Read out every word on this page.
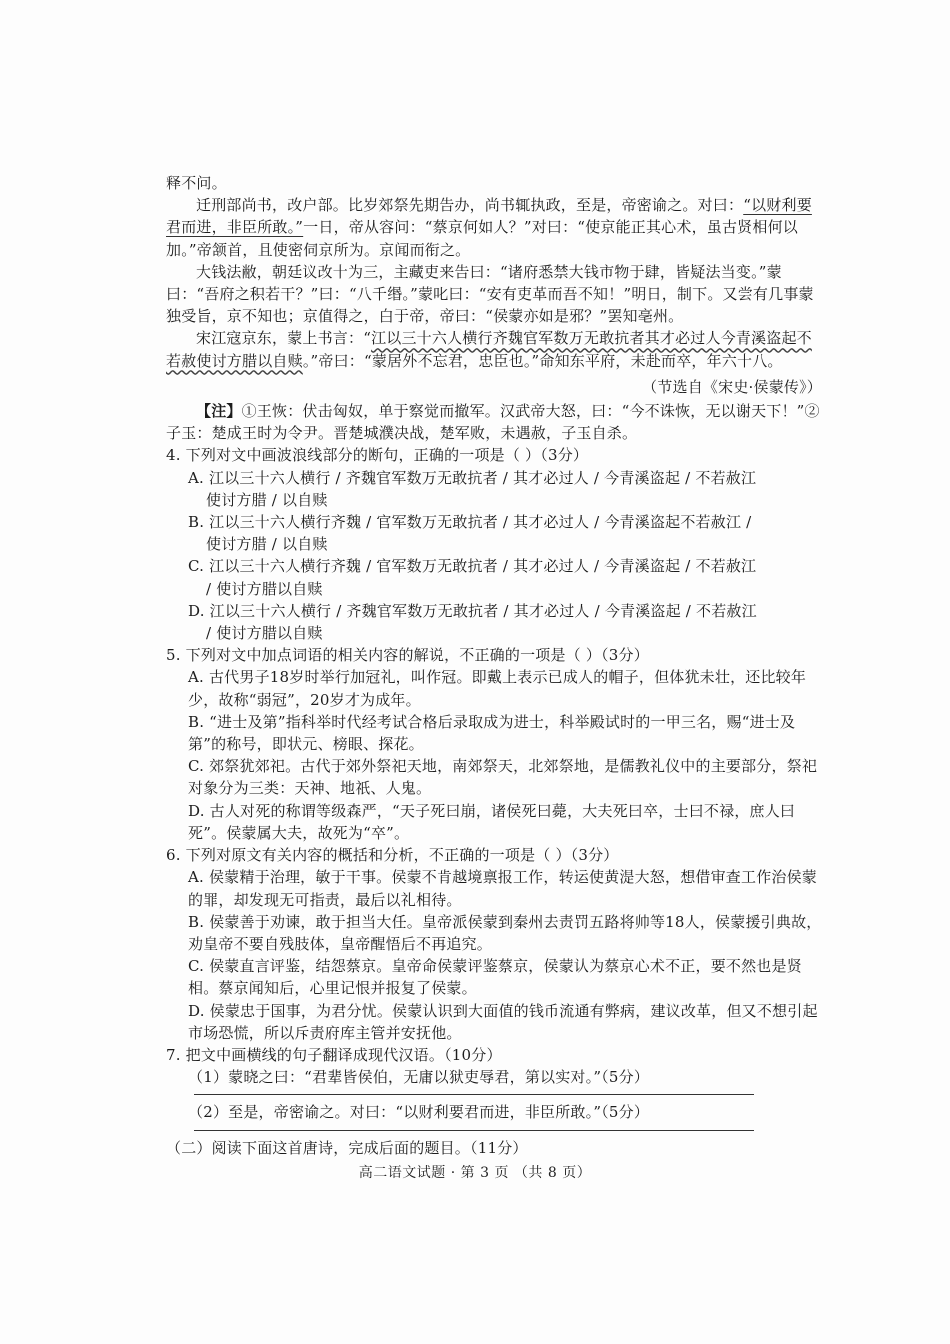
释不问。

迁刑部尚书，改户部。比岁郊祭先期告办，尚书辄执政，至是，帝密谕之。对曰：“以财利要君而进，非臣所敢。”一日，帝从容问：“蔡京何如人？”对曰：“使京能正其心术，虽古贤相何以加。”帝颔首，且使密伺京所为。京闻而衔之。

大钱法敝，朝廷议改十为三，主藏吏来告曰：“诸府悉禁大钱市物于肆，皆疑法当变。”蒙曰：“吾府之积若干？”曰：“八千缗。”蒙叱曰：“安有吏革而吾不知！”明日，制下。又尝有几事蒙独受旨，京不知也；京值得之，白于帝，帝曰：“侯蒙亦如是邪？”罢知亳州。

宋江寇京东，蒙上书言：“江以三十六人横行齐魏官军数万无敢抗者其才必过人今青溪盗起不若赦使讨方腊以自赎。”帝曰：“蒙居外不忘君，忠臣也。”命知东平府，未赴而卒，年六十八。

（节选自《宋史·侯蒙传》）

【注】①王恢：伏击匈奴，单于察觉而撤军。汉武帝大怒，曰：“今不诛恢，无以谢天下！”②子玉：楚成王时为令尹。晋楚城濮决战，楚军败，未遇赦，子玉自杀。

4. 下列对文中画波浪线部分的断句，正确的一项是（ ）（3分）

A. 江以三十六人横行 / 齐魏官军数万无敢抗者 / 其才必过人 / 今青溪盗起 / 不若赦江
使讨方腊 / 以自赎
B. 江以三十六人横行齐魏 / 官军数万无敢抗者 / 其才必过人 / 今青溪盗起不若赦江 /
使讨方腊 / 以自赎
C. 江以三十六人横行齐魏 / 官军数万无敢抗者 / 其才必过人 / 今青溪盗起 / 不若赦江
/ 使讨方腊以自赎
D. 江以三十六人横行 / 齐魏官军数万无敢抗者 / 其才必过人 / 今青溪盗起 / 不若赦江
/ 使讨方腊以自赎

5. 下列对文中加点词语的相关内容的解说，不正确的一项是（ ）（3分）

A. 古代男子18岁时举行加冠礼，叫作冠。即戴上表示已成人的帽子，但体犹未壮，还比较年少，故称“弱冠”，20岁才为成年。
B. “进士及第”指科举时代经考试合格后录取成为进士，科举殿试时的一甲三名，赐“进士及第”的称号，即状元、榜眼、探花。
C. 郊祭犹郊祀。古代于郊外祭祀天地，南郊祭天，北郊祭地，是儒教礼仪中的主要部分，祭祀对象分为三类：天神、地祇、人鬼。
D. 古人对死的称谓等级森严，“天子死曰崩，诸侯死曰薨，大夫死曰卒，士曰不禄，庶人曰死”。侯蒙属大夫，故死为“卒”。

6. 下列对原文有关内容的概括和分析，不正确的一项是（ ）（3分）

A. 侯蒙精于治理，敏于干事。侯蒙不肯越境禀报工作，转运使黄湜大怒，想借审查工作治侯蒙的罪，却发现无可指责，最后以礼相待。
B. 侯蒙善于劝谏，敢于担当大任。皇帝派侯蒙到秦州去责罚五路将帅等18人，侯蒙援引典故，劝皇帝不要自残肢体，皇帝醒悟后不再追究。
C. 侯蒙直言评鉴，结怨蔡京。皇帝命侯蒙评鉴蔡京，侯蒙认为蔡京心术不正，要不然也是贤相。蔡京闻知后，心里记恨并报复了侯蒙。
D. 侯蒙忠于国事，为君分忧。侯蒙认识到大面值的钱币流通有弊病，建议改革，但又不想引起市场恐慌，所以斥责府库主管并安抚他。

7. 把文中画横线的句子翻译成现代汉语。（10分）

（1）蒙晓之曰：“君辈皆侯伯，无庸以狱吏辱君，第以实对。”（5分）

（2）至是，帝密谕之。对曰：“以财利要君而进，非臣所敢。”（5分）

（二）阅读下面这首唐诗，完成后面的题目。（11分）

高二语文试题 · 第 3 页 （共 8 页）
